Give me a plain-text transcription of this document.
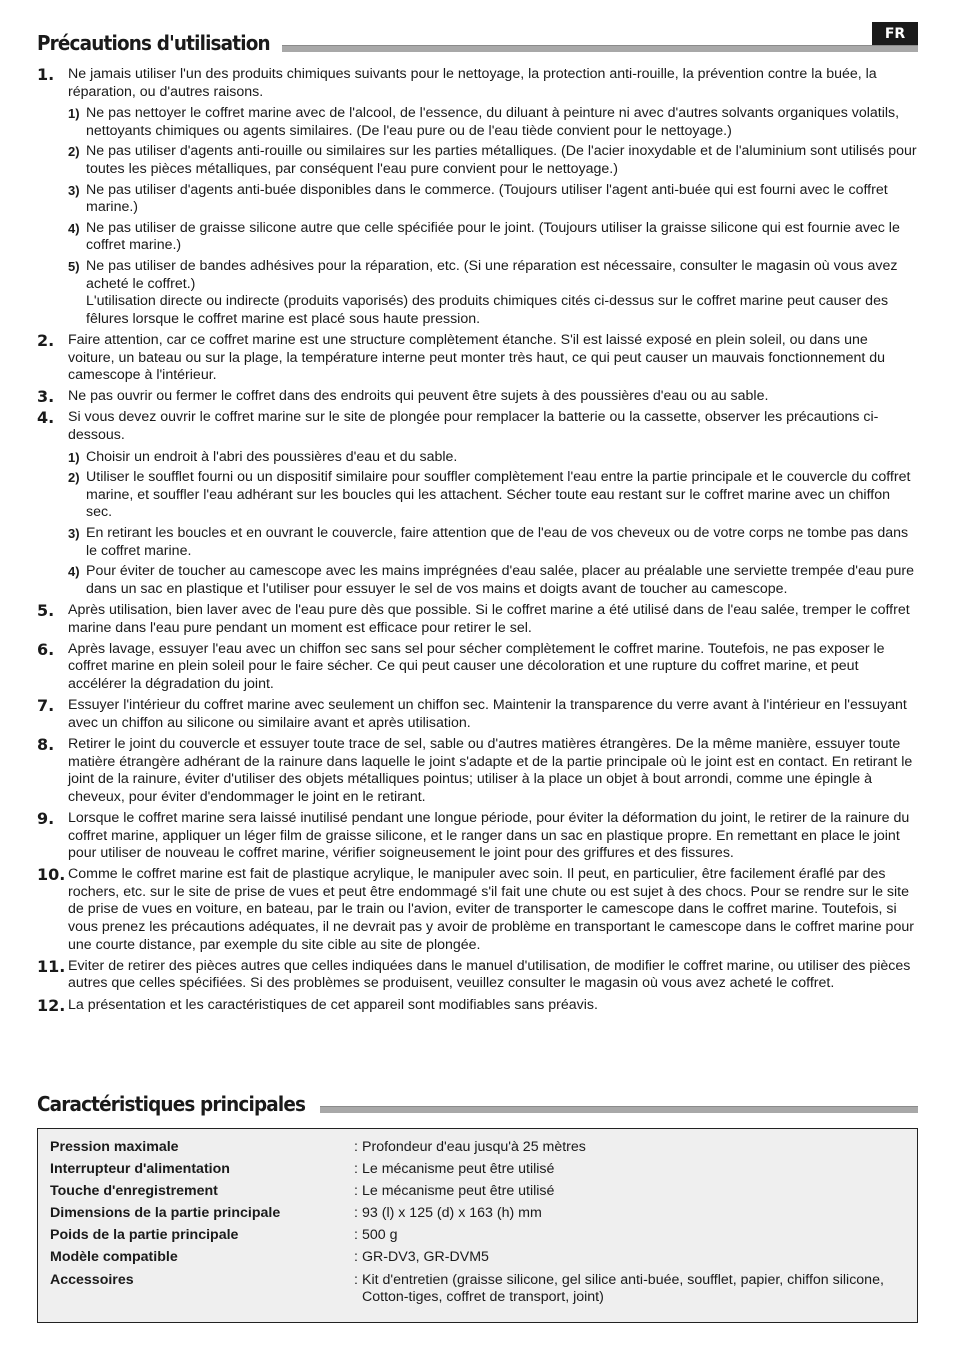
FR
Précautions d'utilisation
1. Ne jamais utiliser l'un des produits chimiques suivants pour le nettoyage, la protection anti-rouille, la prévention contre la buée, la réparation, ou d'autres raisons.
1) Ne pas nettoyer le coffret marine avec de l'alcool, de l'essence, du diluant à peinture ni avec d'autres solvants organiques volatils, nettoyants chimiques ou agents similaires. (De l'eau pure ou de l'eau tiède convient pour le nettoyage.)
2) Ne pas utiliser d'agents anti-rouille ou similaires sur les parties métalliques. (De l'acier inoxydable et de l'aluminium sont utilisés pour toutes les pièces métalliques, par conséquent l'eau pure convient pour le nettoyage.)
3) Ne pas utiliser d'agents anti-buée disponibles dans le commerce. (Toujours utiliser l'agent anti-buée qui est fourni avec le coffret marine.)
4) Ne pas utiliser de graisse silicone autre que celle spécifiée pour le joint. (Toujours utiliser la graisse silicone qui est fournie avec le coffret marine.)
5) Ne pas utiliser de bandes adhésives pour la réparation, etc. (Si une réparation est nécessaire, consulter le magasin où vous avez acheté le coffret.)
L'utilisation directe ou indirecte (produits vaporisés) des produits chimiques cités ci-dessus sur le coffret marine peut causer des fêlures lorsque le coffret marine est placé sous haute pression.
2. Faire attention, car ce coffret marine est une structure complètement étanche. S'il est laissé exposé en plein soleil, ou dans une voiture, un bateau ou sur la plage, la température interne peut monter très haut, ce qui peut causer un mauvais fonctionnement du camescope à l'intérieur.
3. Ne pas ouvrir ou fermer le coffret dans des endroits qui peuvent être sujets à des poussières d'eau ou au sable.
4. Si vous devez ouvrir le coffret marine sur le site de plongée pour remplacer la batterie ou la cassette, observer les précautions ci-dessous.
1) Choisir un endroit à l'abri des poussières d'eau et du sable.
2) Utiliser le soufflet fourni ou un dispositif similaire pour souffler complètement l'eau entre la partie principale et le couvercle du coffret marine, et souffler l'eau adhérant sur les boucles qui les attachent. Sécher toute eau restant sur le coffret marine avec un chiffon sec.
3) En retirant les boucles et en ouvrant le couvercle, faire attention que de l'eau de vos cheveux ou de votre corps ne tombe pas dans le coffret marine.
4) Pour éviter de toucher au camescope avec les mains imprégnées d'eau salée, placer au préalable une serviette trempée d'eau pure dans un sac en plastique et l'utiliser pour essuyer le sel de vos mains et doigts avant de toucher au camescope.
5. Après utilisation, bien laver avec de l'eau pure dès que possible. Si le coffret marine a été utilisé dans de l'eau salée, tremper le coffret marine dans l'eau pure pendant un moment est efficace pour retirer le sel.
6. Après lavage, essuyer l'eau avec un chiffon sec sans sel pour sécher complètement le coffret marine. Toutefois, ne pas exposer le coffret marine en plein soleil pour le faire sécher. Ce qui peut causer une décoloration et une rupture du coffret marine, et peut accélérer la dégradation du joint.
7. Essuyer l'intérieur du coffret marine avec seulement un chiffon sec. Maintenir la transparence du verre avant à l'intérieur en l'essuyant avec un chiffon au silicone ou similaire avant et après utilisation.
8. Retirer le joint du couvercle et essuyer toute trace de sel, sable ou d'autres matières étrangères. De la même manière, essuyer toute matière étrangère adhérant de la rainure dans laquelle le joint s'adapte et de la partie principale où le joint est en contact. En retirant le joint de la rainure, éviter d'utiliser des objets métalliques pointus; utiliser à la place un objet à bout arrondi, comme une épingle à cheveux, pour éviter d'endommager le joint en le retirant.
9. Lorsque le coffret marine sera laissé inutilisé pendant une longue période, pour éviter la déformation du joint, le retirer de la rainure du coffret marine, appliquer un léger film de graisse silicone, et le ranger dans un sac en plastique propre. En remettant en place le joint pour utiliser de nouveau le coffret marine, vérifier soigneusement le joint pour des griffures et des fissures.
10. Comme le coffret marine est fait de plastique acrylique, le manipuler avec soin. Il peut, en particulier, être facilement éraflé par des rochers, etc. sur le site de prise de vues et peut être endommagé s'il fait une chute ou est sujet à des chocs. Pour se rendre sur le site de prise de vues en voiture, en bateau, par le train ou l'avion, eviter de transporter le camescope dans le coffret marine. Toutefois, si vous prenez les précautions adéquates, il ne devrait pas y avoir de problème en transportant le camescope dans le coffret marine pour une courte distance, par exemple du site cible au site de plongée.
11. Eviter de retirer des pièces autres que celles indiquées dans le manuel d'utilisation, de modifier le coffret marine, ou utiliser des pièces autres que celles spécifiées. Si des problèmes se produisent, veuillez consulter le magasin où vous avez acheté le coffret.
12. La présentation et les caractéristiques de cet appareil sont modifiables sans préavis.
Caractéristiques principales
Pression maximale	: Profondeur d'eau jusqu'à 25 mètres
Interrupteur d'alimentation	: Le mécanisme peut être utilisé
Touche d'enregistrement	: Le mécanisme peut être utilisé
Dimensions de la partie principale	: 93 (l) x 125 (d) x 163 (h) mm
Poids de la partie principale	: 500 g
Modèle compatible	: GR-DV3, GR-DVM5
Accessoires	: Kit d'entretien (graisse silicone, gel silice anti-buée, soufflet, papier, chiffon silicone, Cotton-tiges, coffret de transport, joint)
